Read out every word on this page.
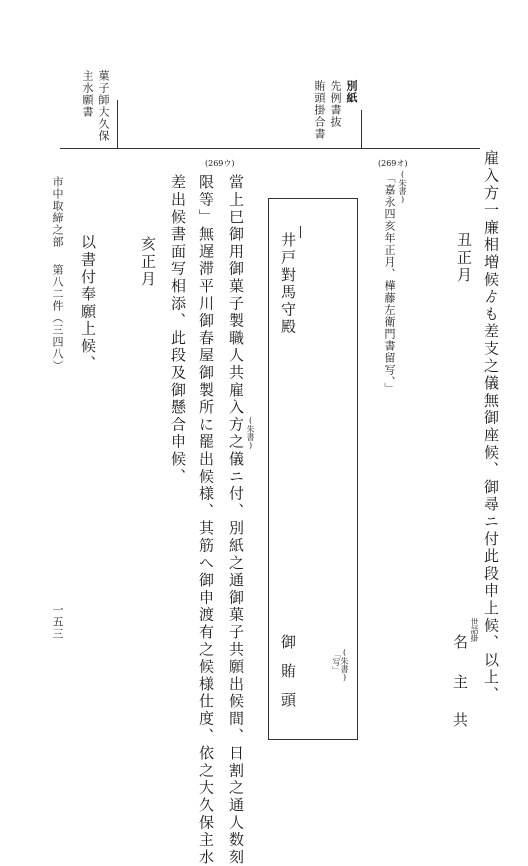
菓子師大久保
主水願書	別紙
先例書抜
賄頭掛合書
雇入方一廉相増候ゟも差支之儀無御座候、御尋ニ付此段申上候、以上、
丑正月
世話掛
名
主
共
(269オ)
(朱書)
「嘉永四亥年正月、樺藤左衛門書留写、」
井戸對馬守殿
御賄頭	(朱書)
「写」
(269ウ)
當上巳御用御菓子製職人共雇入方之儀ニ付、別紙之通御菓子共願出候間、日割之通人数刻 (朱書)
限等」無遅滞平川御春屋御製所に罷出候様、其筋へ御申渡有之候様仕度、依之大久保主水
差出候書面写相添、此段及御懸合申候、
亥正月
以書付奉願上候、
市中取締之部
第八二件（三四八）
一五三
